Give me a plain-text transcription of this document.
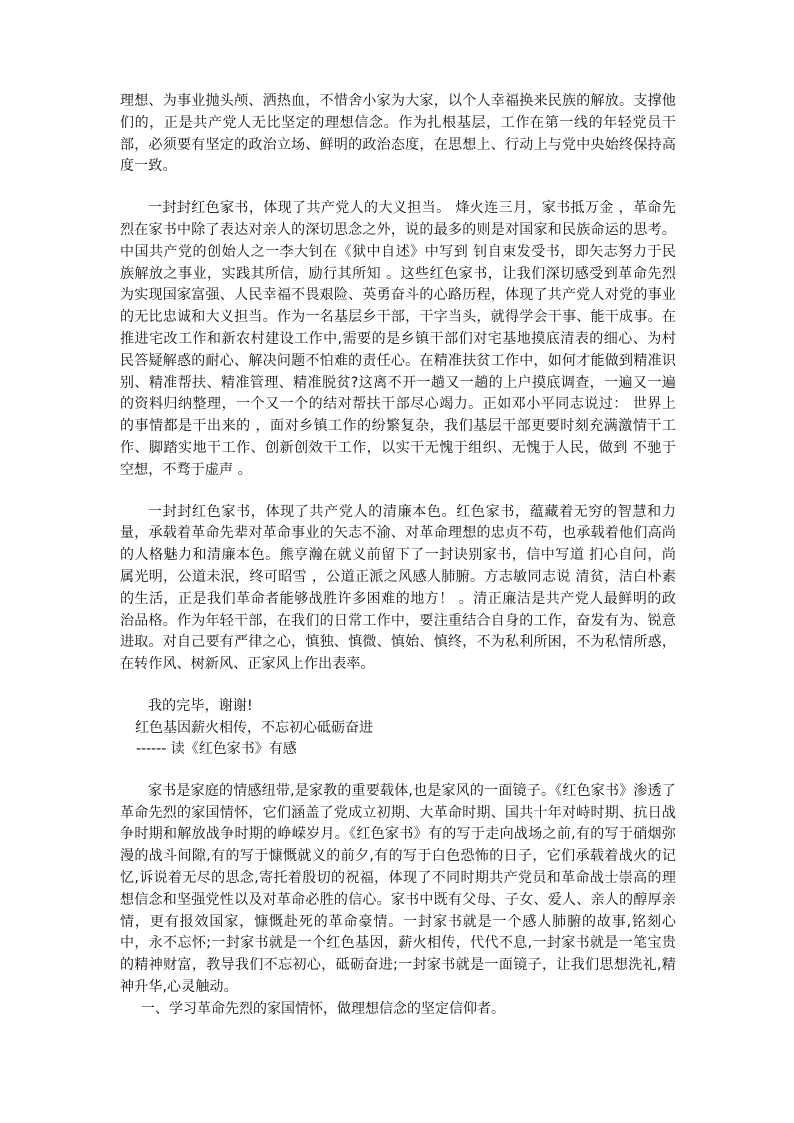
理想、为事业抛头颅、洒热血，不惜舍小家为大家，以个人幸福换来民族的解放。支撑他们的，正是共产党人无比坚定的理想信念。作为扎根基层，工作在第一线的年轻党员干部，必须要有坚定的政治立场、鲜明的政治态度，在思想上、行动上与党中央始终保持高度一致。

一封封红色家书，体现了共产党人的大义担当。 烽火连三月，家书抵万金 ，革命先烈在家书中除了表达对亲人的深切思念之外，说的最多的则是对国家和民族命运的思考。中国共产党的创始人之一李大钊在《狱中自述》中写到 钊自束发受书，即矢志努力于民族解放之事业，实践其所信，励行其所知 。这些红色家书，让我们深切感受到革命先烈为实现国家富强、人民幸福不畏艰险、英勇奋斗的心路历程，体现了共产党人对党的事业的无比忠诚和大义担当。作为一名基层乡干部，干字当头，就得学会干事、能干成事。在推进宅改工作和新农村建设工作中,需要的是乡镇干部们对宅基地摸底清表的细心、为村民答疑解惑的耐心、解决问题不怕难的责任心。在精准扶贫工作中，如何才能做到精准识别、精准帮扶、精准管理、精准脱贫?这离不开一趟又一趟的上户摸底调查，一遍又一遍的资料归纳整理，一个又一个的结对帮扶干部尽心竭力。正如邓小平同志说过： 世界上的事情都是干出来的 ，面对乡镇工作的纷繁复杂，我们基层干部更要时刻充满激情干工作、脚踏实地干工作、创新创效干工作，以实干无愧于组织、无愧于人民，做到 不驰于空想，不骛于虚声 。

一封封红色家书，体现了共产党人的清廉本色。红色家书，蕴藏着无穷的智慧和力量，承载着革命先辈对革命事业的矢志不渝、对革命理想的忠贞不苟，也承载着他们高尚的人格魅力和清廉本色。熊亨瀚在就义前留下了一封诀别家书，信中写道 扪心自问，尚属光明，公道未泯，终可昭雪 ，公道正派之风感人肺腑。方志敏同志说 清贫，洁白朴素的生活，正是我们革命者能够战胜许多困难的地方！ 。清正廉洁是共产党人最鲜明的政治品格。作为年轻干部，在我们的日常工作中，要注重结合自身的工作，奋发有为、锐意进取。对自己要有严律之心，慎独、慎微、慎始、慎终，不为私利所困，不为私情所惑，在转作风、树新风、正家风上作出表率。

我的完毕，谢谢!

红色基因薪火相传，不忘初心砥砺奋进

------ 读《红色家书》有感

家书是家庭的情感纽带,是家教的重要载体,也是家风的一面镜子。《红色家书》渗透了革命先烈的家国情怀，它们涵盖了党成立初期、大革命时期、国共十年对峙时期、抗日战争时期和解放战争时期的峥嵘岁月。《红色家书》有的写于走向战场之前,有的写于硝烟弥漫的战斗间隙,有的写于慷慨就义的前夕,有的写于白色恐怖的日子，它们承载着战火的记忆,诉说着无尽的思念,寄托着殷切的祝福，体现了不同时期共产党员和革命战士崇高的理想信念和坚强党性以及对革命必胜的信心。家书中既有父母、子女、爱人、亲人的醇厚亲情，更有报效国家，慷慨赴死的革命豪情。一封家书就是一个感人肺腑的故事,铭刻心中，永不忘怀;一封家书就是一个红色基因，薪火相传，代代不息,一封家书就是一笔宝贵的精神财富，教导我们不忘初心，砥砺奋进;一封家书就是一面镜子，让我们思想洗礼,精神升华,心灵触动。

一、学习革命先烈的家国情怀，做理想信念的坚定信仰者。
